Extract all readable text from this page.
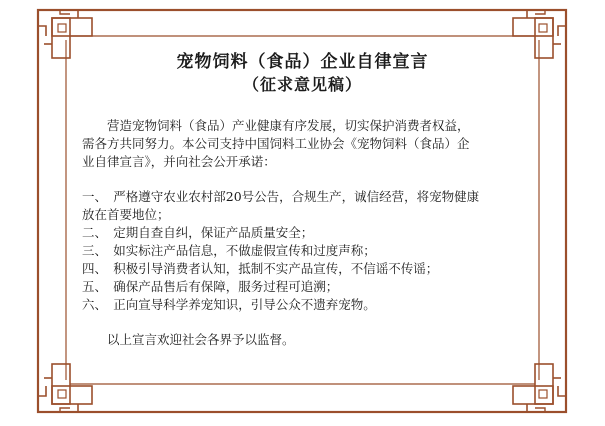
宠物饲料（食品）企业自律宣言
（征求意见稿）
　　营造宠物饲料（食品）产业健康有序发展，切实保护消费者权益，
需各方共同努力。本公司支持中国饲料工业协会《宠物饲料（食品）企
业自律宣言》，并向社会公开承诺：
一、　严格遵守农业农村部20号公告，合规生产，诚信经营，将宠物健康
放在首要地位；
二、　定期自查自纠，保证产品质量安全；
三、　如实标注产品信息，不做虚假宣传和过度声称；
四、　积极引导消费者认知，抵制不实产品宣传，不信谣不传谣；
五、　确保产品售后有保障，服务过程可追溯；
六、　正向宣导科学养宠知识，引导公众不遗弃宠物。
　　以上宣言欢迎社会各界予以监督。
